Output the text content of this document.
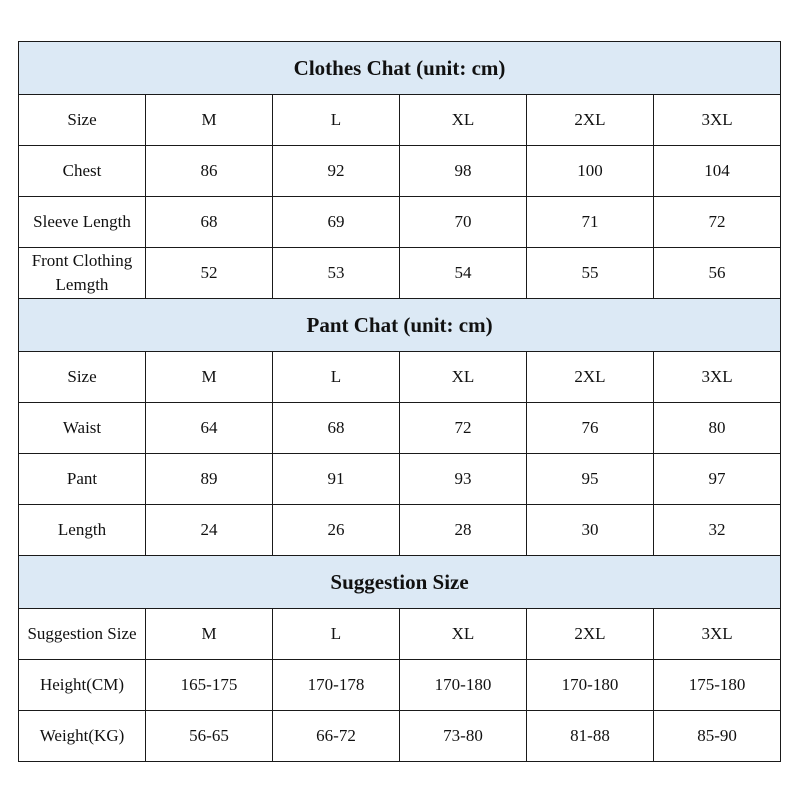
Clothes Chat (unit: cm)					
Size	M	L	XL	2XL	3XL
Chest	86	92	98	100	104
Sleeve Length	68	69	70	71	72
Front Clothing Lemgth	52	53	54	55	56
Pant Chat (unit: cm)					
Size	M	L	XL	2XL	3XL
Waist	64	68	72	76	80
Pant	89	91	93	95	97
Length	24	26	28	30	32
Suggestion Size					
Suggestion Size	M	L	XL	2XL	3XL
Height(CM)	165-175	170-178	170-180	170-180	175-180
Weight(KG)	56-65	66-72	73-80	81-88	85-90
